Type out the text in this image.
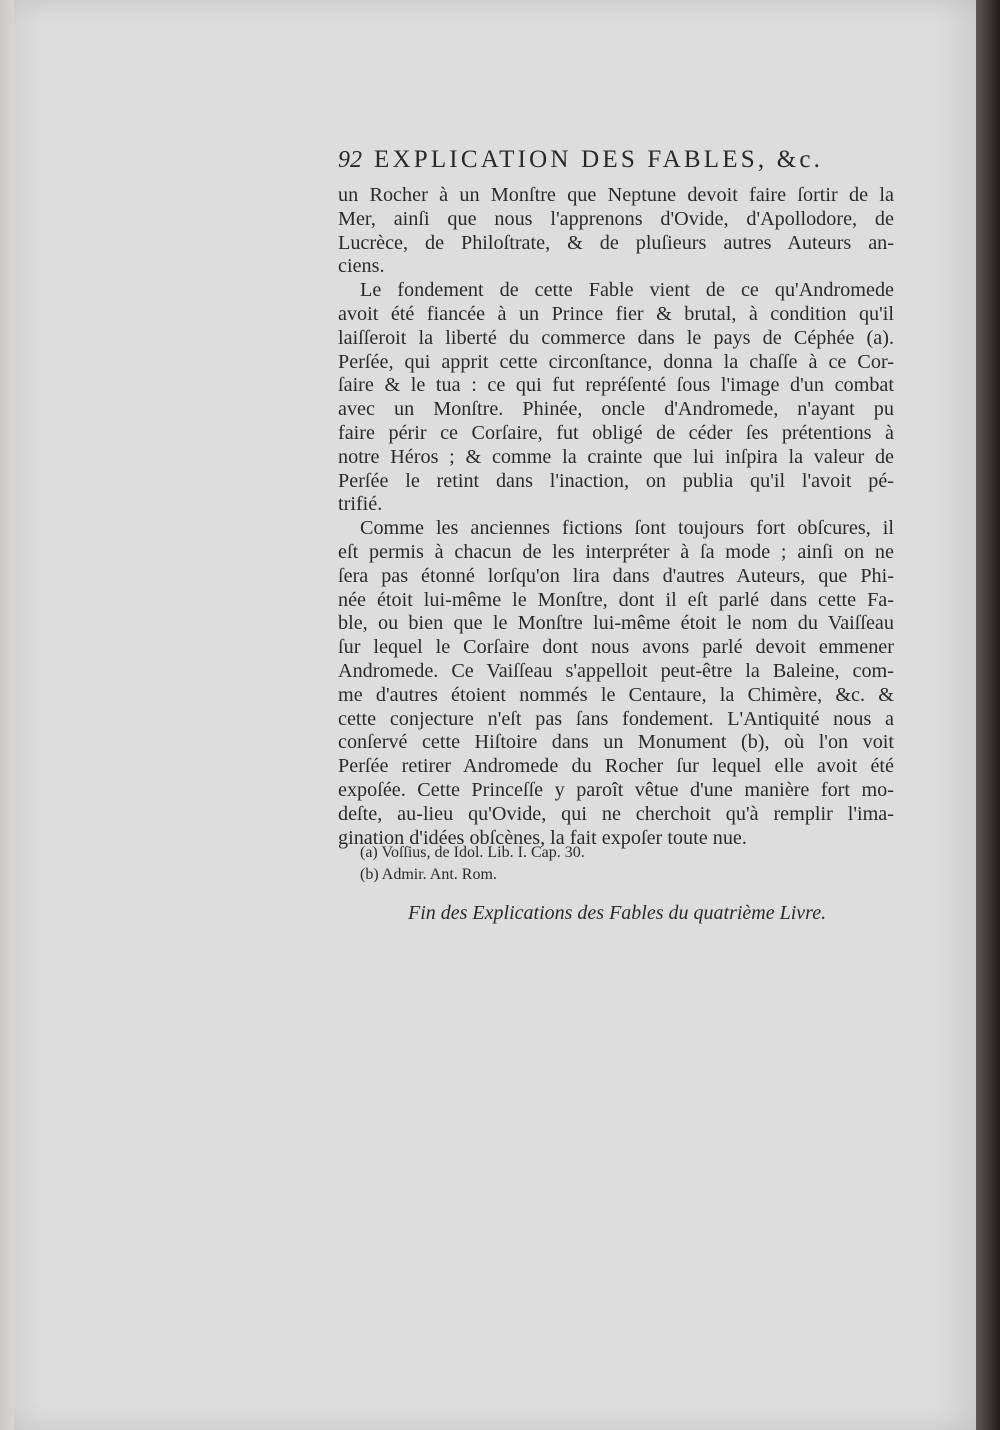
92 EXPLICATION DES FABLES, &c.
un Rocher à un Monſtre que Neptune devoit faire ſortir de la
Mer, ainſi que nous l'apprenons d'Ovide, d'Apollodore, de
Lucrèce, de Philoſtrate, & de pluſieurs autres Auteurs an-
ciens.
Le fondement de cette Fable vient de ce qu'Andromede
avoit été fiancée à un Prince fier & brutal, à condition qu'il
laiſſeroit la liberté du commerce dans le pays de Céphée (a).
Perſée, qui apprit cette circonſtance, donna la chaſſe à ce Cor-
ſaire & le tua : ce qui fut repréſenté ſous l'image d'un combat
avec un Monſtre. Phinée, oncle d'Andromede, n'ayant pu
faire périr ce Corſaire, fut obligé de céder ſes prétentions à
notre Héros ; & comme la crainte que lui inſpira la valeur de
Perſée le retint dans l'inaction, on publia qu'il l'avoit pé-
trifié.
Comme les anciennes fictions ſont toujours fort obſcures, il
eſt permis à chacun de les interpréter à ſa mode ; ainſi on ne
ſera pas étonné lorſqu'on lira dans d'autres Auteurs, que Phi-
née étoit lui-même le Monſtre, dont il eſt parlé dans cette Fa-
ble, ou bien que le Monſtre lui-même étoit le nom du Vaiſſeau
ſur lequel le Corſaire dont nous avons parlé devoit emmener
Andromede. Ce Vaiſſeau s'appelloit peut-être la Baleine, com-
me d'autres étoient nommés le Centaure, la Chimère, &c. &
cette conjecture n'eſt pas ſans fondement. L'Antiquité nous a
conſervé cette Hiſtoire dans un Monument (b), où l'on voit
Perſée retirer Andromede du Rocher ſur lequel elle avoit été
expoſée. Cette Princeſſe y paroît vêtue d'une manière fort mo-
deſte, au-lieu qu'Ovide, qui ne cherchoit qu'à remplir l'ima-
gination d'idées obſcènes, la fait expoſer toute nue.
(a) Voſſius, de Idol. Lib. I. Cap. 30.
(b) Admir. Ant. Rom.
Fin des Explications des Fables du quatrième Livre.
